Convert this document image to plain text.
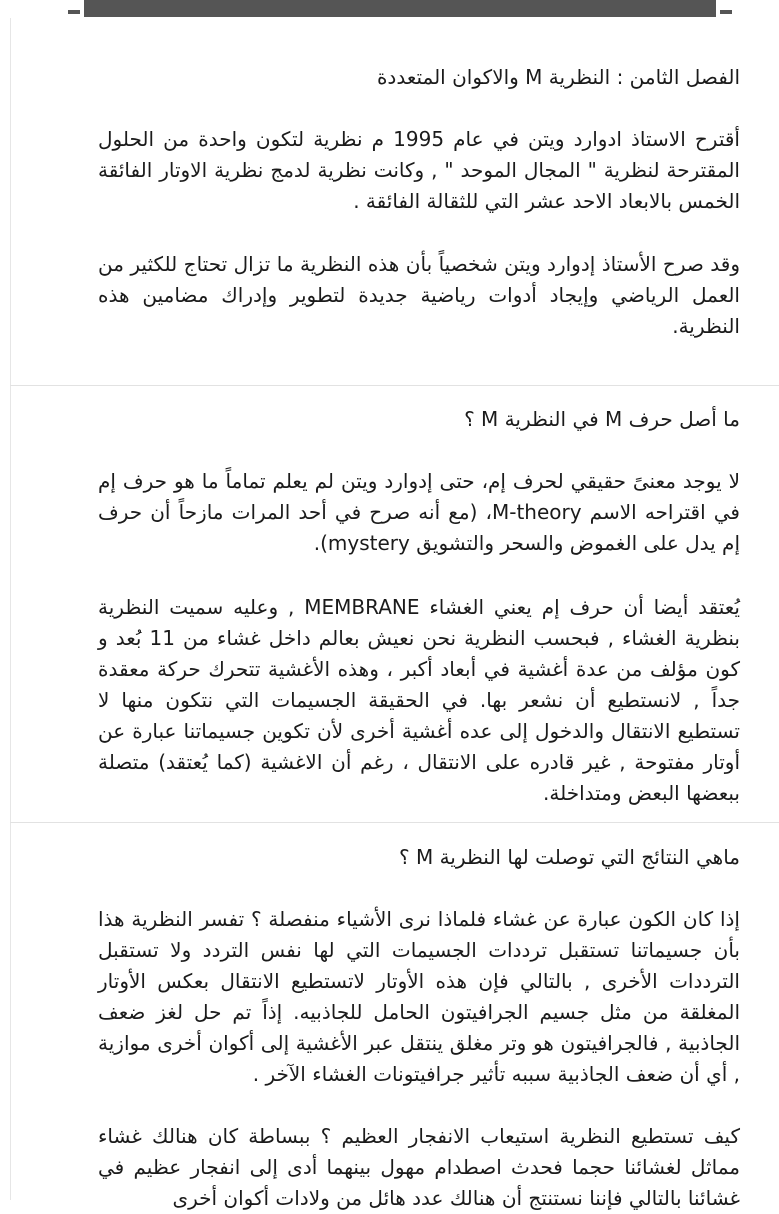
الفصل الثامن : النظرية M والاكوان المتعددة

أقترح الاستاذ ادوارد ويتن في عام 1995 م نظرية لتكون واحدة من الحلول المقترحة لنظرية " المجال الموحد " , وكانت نظرية لدمج نظرية الاوتار الفائقة الخمس بالابعاد الاحد عشر التي للثقالة الفائقة .

وقد صرح الأستاذ إدوارد ويتن شخصياً بأن هذه النظرية ما تزال تحتاج للكثير من العمل الرياضي وإيجاد أدوات رياضية جديدة لتطوير وإدراك مضامين هذه النظرية.

ما أصل حرف M في النظرية M ؟

لا يوجد معنىً حقيقي لحرف إم، حتى إدوارد ويتن لم يعلم تماماً ما هو حرف إم في اقتراحه الاسم M-theory، (مع أنه صرح في أحد المرات مازحاً أن حرف إم يدل على الغموض والسحر والتشويق mystery).

يُعتقد أيضا أن حرف إم يعني الغشاء MEMBRANE , وعليه سميت النظرية بنظرية الغشاء , فبحسب النظرية نحن نعيش بعالم داخل غشاء من 11 بُعد و كون مؤلف من عدة أغشية في أبعاد أكبر ، وهذه الأغشية تتحرك حركة معقدة جداً , لانستطيع أن نشعر بها. في الحقيقة الجسيمات التي نتكون منها لا تستطيع الانتقال والدخول إلى عده أغشية أخرى لأن تكوين جسيماتنا عبارة عن أوتار مفتوحة , غير قادره على الانتقال ، رغم أن الاغشية (كما يُعتقد) متصلة ببعضها البعض ومتداخلة.

ماهي النتائج التي توصلت لها النظرية M ؟

إذا كان الكون عبارة عن غشاء فلماذا نرى الأشياء منفصلة ؟ تفسر النظرية هذا بأن جسيماتنا تستقبل ترددات الجسيمات التي لها نفس التردد ولا تستقبل الترددات الأخرى , بالتالي فإن هذه الأوتار لاتستطيع الانتقال بعكس الأوتار المغلقة من مثل جسيم الجرافيتون الحامل للجاذبيه. إذاً تم حل لغز ضعف الجاذبية , فالجرافيتون هو وتر مغلق ينتقل عبر الأغشية إلى أكوان أخرى موازية , أي أن ضعف الجاذبية سببه تأثير جرافيتونات الغشاء الآخر .

كيف تستطيع النظرية استيعاب الانفجار العظيم ؟ ببساطة كان هنالك غشاء مماثل لغشائنا حجما فحدث اصطدام مهول بينهما أدى إلى انفجار عظيم في غشائنا بالتالي فإننا نستنتج أن هنالك عدد هائل من ولادات أكوان أخرى
